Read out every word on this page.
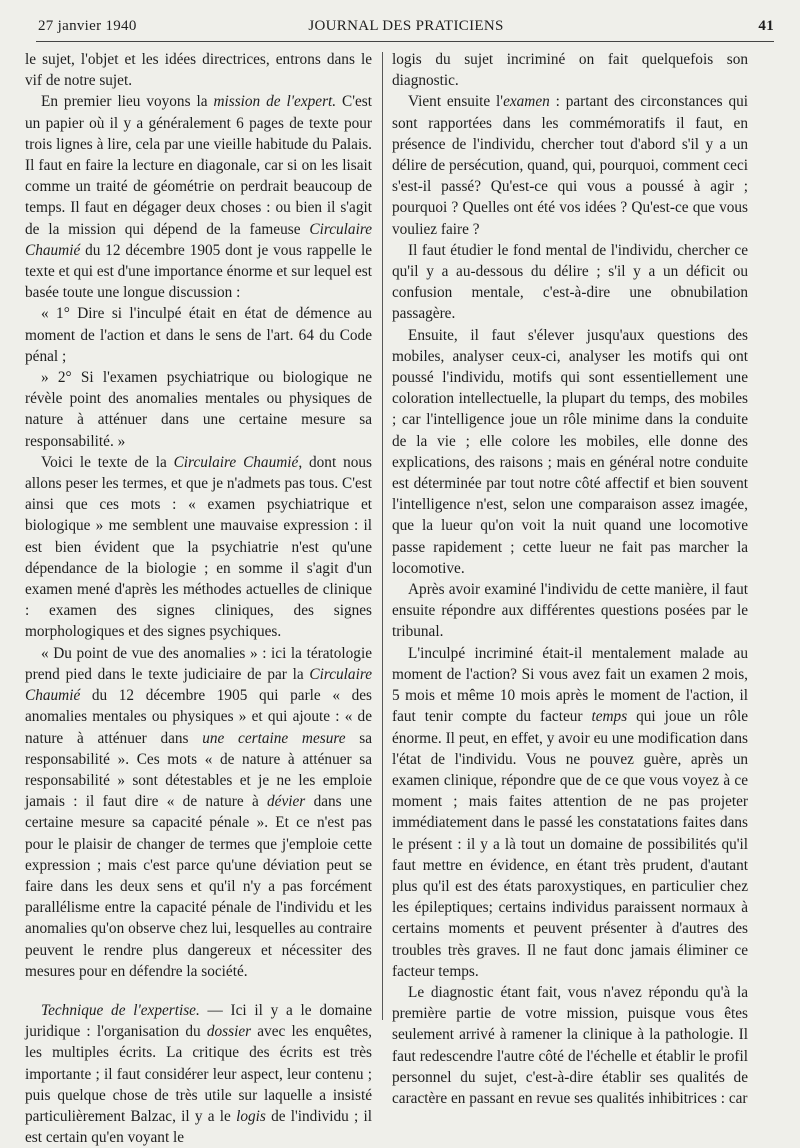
27 janvier 1940	JOURNAL DES PRATICIENS	41

le sujet, l'objet et les idées directrices, entrons dans le vif de notre sujet.

En premier lieu voyons la mission de l'expert. C'est un papier où il y a généralement 6 pages de texte pour trois lignes à lire, cela par une vieille habitude du Palais. Il faut en faire la lecture en diagonale, car si on les lisait comme un traité de géométrie on perdrait beaucoup de temps. Il faut en dégager deux choses : ou bien il s'agit de la mission qui dépend de la fameuse Circulaire Chaumié du 12 décembre 1905 dont je vous rappelle le texte et qui est d'une importance énorme et sur lequel est basée toute une longue discussion :

« 1° Dire si l'inculpé était en état de démence au moment de l'action et dans le sens de l'art. 64 du Code pénal ;

» 2° Si l'examen psychiatrique ou biologique ne révèle point des anomalies mentales ou physiques de nature à atténuer dans une certaine mesure sa responsabilité. »

Voici le texte de la Circulaire Chaumié, dont nous allons peser les termes, et que je n'admets pas tous. C'est ainsi que ces mots : « examen psychiatrique et biologique » me semblent une mauvaise expression : il est bien évident que la psychiatrie n'est qu'une dépendance de la biologie ; en somme il s'agit d'un examen mené d'après les méthodes actuelles de clinique : examen des signes cliniques, des signes morphologiques et des signes psychiques.

« Du point de vue des anomalies » : ici la tératologie prend pied dans le texte judiciaire de par la Circulaire Chaumié du 12 décembre 1905 qui parle « des anomalies mentales ou physiques » et qui ajoute : « de nature à atténuer dans une certaine mesure sa responsabilité ». Ces mots « de nature à atténuer sa responsabilité » sont détestables et je ne les emploie jamais : il faut dire « de nature à dévier dans une certaine mesure sa capacité pénale ». Et ce n'est pas pour le plaisir de changer de termes que j'emploie cette expression ; mais c'est parce qu'une déviation peut se faire dans les deux sens et qu'il n'y a pas forcément parallélisme entre la capacité pénale de l'individu et les anomalies qu'on observe chez lui, lesquelles au contraire peuvent le rendre plus dangereux et nécessiter des mesures pour en défendre la société.

Technique de l'expertise. — Ici il y a le domaine juridique : l'organisation du dossier avec les enquêtes, les multiples écrits. La critique des écrits est très importante ; il faut considérer leur aspect, leur contenu ; puis quelque chose de très utile sur laquelle a insisté particulièrement Balzac, il y a le logis de l'individu ; il est certain qu'en voyant le

logis du sujet incriminé on fait quelquefois son diagnostic.

Vient ensuite l'examen : partant des circonstances qui sont rapportées dans les commémoratifs il faut, en présence de l'individu, chercher tout d'abord s'il y a un délire de persécution, quand, qui, pourquoi, comment ceci s'est-il passé? Qu'est-ce qui vous a poussé à agir ; pourquoi ? Quelles ont été vos idées ? Qu'est-ce que vous vouliez faire ?

Il faut étudier le fond mental de l'individu, chercher ce qu'il y a au-dessous du délire ; s'il y a un déficit ou confusion mentale, c'est-à-dire une obnubilation passagère.

Ensuite, il faut s'élever jusqu'aux questions des mobiles, analyser ceux-ci, analyser les motifs qui ont poussé l'individu, motifs qui sont essentiellement une coloration intellectuelle, la plupart du temps, des mobiles ; car l'intelligence joue un rôle minime dans la conduite de la vie ; elle colore les mobiles, elle donne des explications, des raisons ; mais en général notre conduite est déterminée par tout notre côté affectif et bien souvent l'intelligence n'est, selon une comparaison assez imagée, que la lueur qu'on voit la nuit quand une locomotive passe rapidement ; cette lueur ne fait pas marcher la locomotive.

Après avoir examiné l'individu de cette manière, il faut ensuite répondre aux différentes questions posées par le tribunal.

L'inculpé incriminé était-il mentalement malade au moment de l'action? Si vous avez fait un examen 2 mois, 5 mois et même 10 mois après le moment de l'action, il faut tenir compte du facteur temps qui joue un rôle énorme. Il peut, en effet, y avoir eu une modification dans l'état de l'individu. Vous ne pouvez guère, après un examen clinique, répondre que de ce que vous voyez à ce moment ; mais faites attention de ne pas projeter immédiatement dans le passé les constatations faites dans le présent : il y a là tout un domaine de possibilités qu'il faut mettre en évidence, en étant très prudent, d'autant plus qu'il est des états paroxystiques, en particulier chez les épileptiques; certains individus paraissent normaux à certains moments et peuvent présenter à d'autres des troubles très graves. Il ne faut donc jamais éliminer ce facteur temps.

Le diagnostic étant fait, vous n'avez répondu qu'à la première partie de votre mission, puisque vous êtes seulement arrivé à ramener la clinique à la pathologie. Il faut redescendre l'autre côté de l'échelle et établir le profil personnel du sujet, c'est-à-dire établir ses qualités de caractère en passant en revue ses qualités inhibitrices : car
